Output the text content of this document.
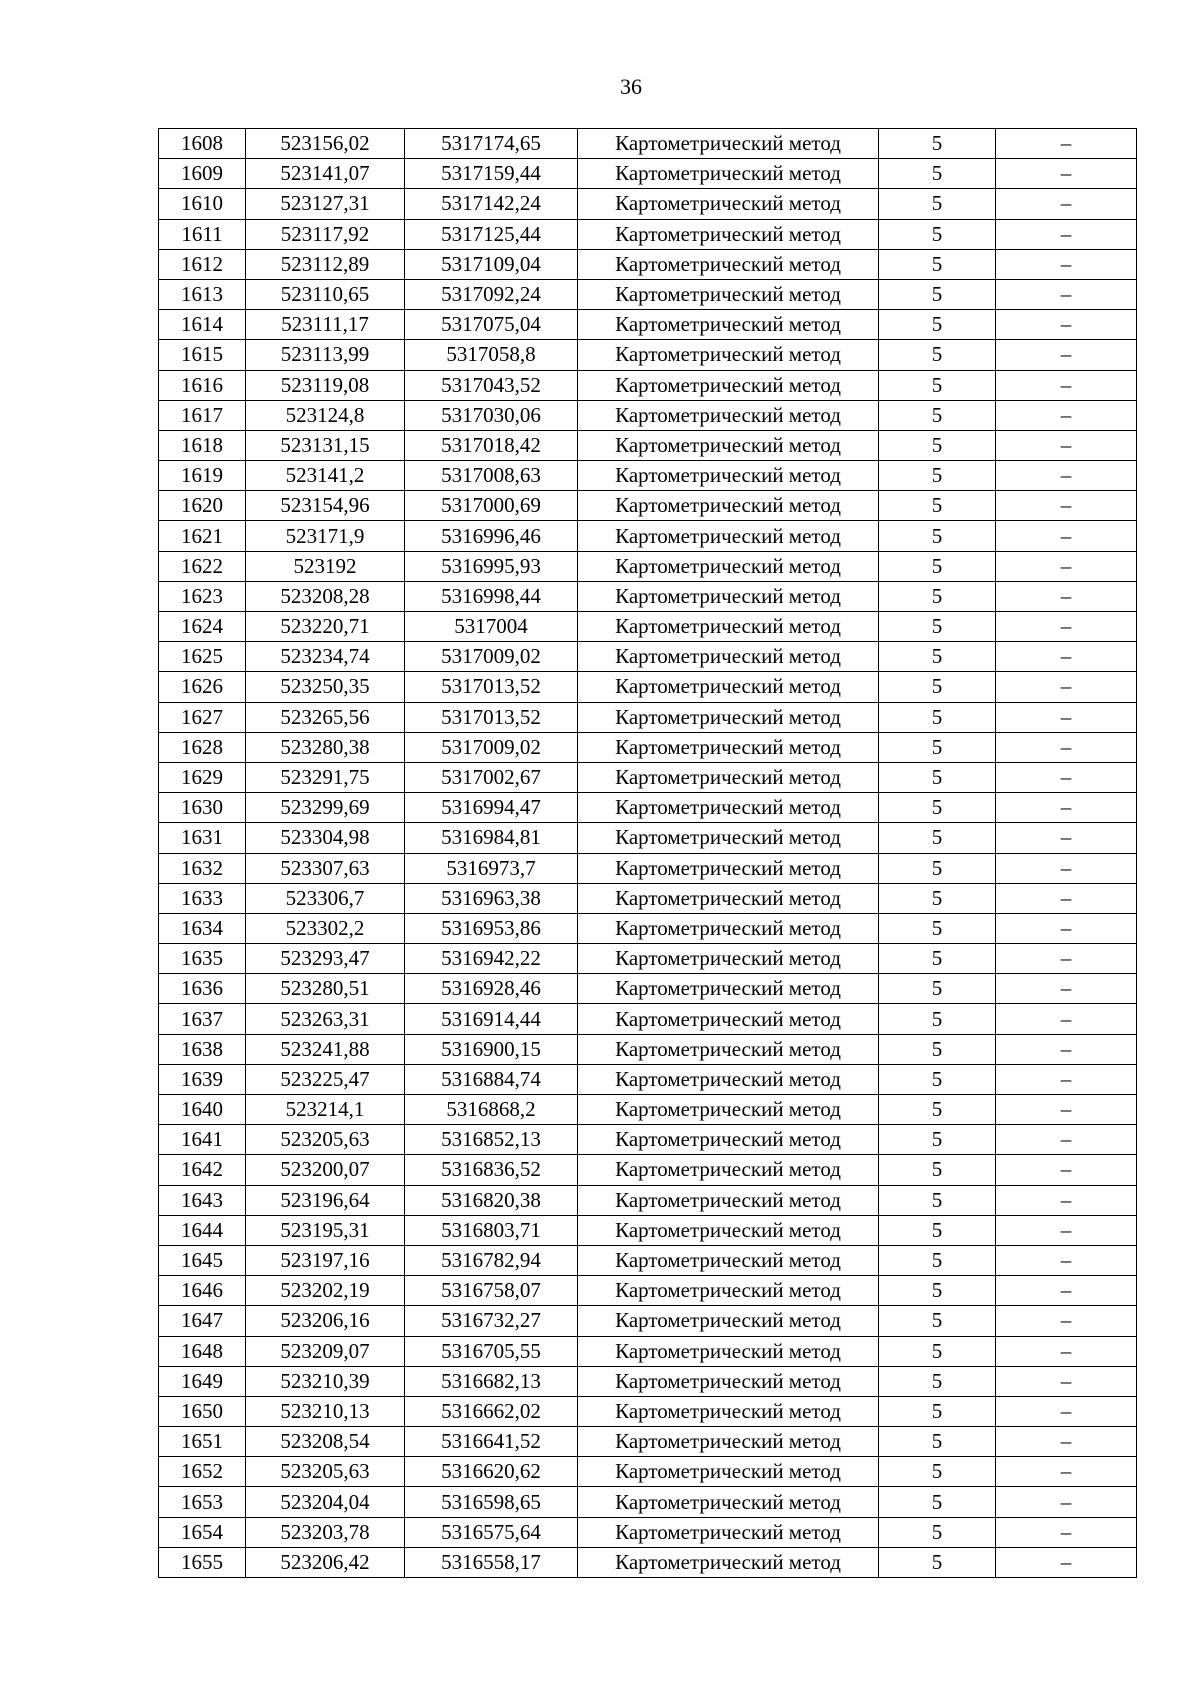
36
1608	523156,02	5317174,65	Картометрический метод	5	–
1609	523141,07	5317159,44	Картометрический метод	5	–
1610	523127,31	5317142,24	Картометрический метод	5	–
1611	523117,92	5317125,44	Картометрический метод	5	–
1612	523112,89	5317109,04	Картометрический метод	5	–
1613	523110,65	5317092,24	Картометрический метод	5	–
1614	523111,17	5317075,04	Картометрический метод	5	–
1615	523113,99	5317058,8	Картометрический метод	5	–
1616	523119,08	5317043,52	Картометрический метод	5	–
1617	523124,8	5317030,06	Картометрический метод	5	–
1618	523131,15	5317018,42	Картометрический метод	5	–
1619	523141,2	5317008,63	Картометрический метод	5	–
1620	523154,96	5317000,69	Картометрический метод	5	–
1621	523171,9	5316996,46	Картометрический метод	5	–
1622	523192	5316995,93	Картометрический метод	5	–
1623	523208,28	5316998,44	Картометрический метод	5	–
1624	523220,71	5317004	Картометрический метод	5	–
1625	523234,74	5317009,02	Картометрический метод	5	–
1626	523250,35	5317013,52	Картометрический метод	5	–
1627	523265,56	5317013,52	Картометрический метод	5	–
1628	523280,38	5317009,02	Картометрический метод	5	–
1629	523291,75	5317002,67	Картометрический метод	5	–
1630	523299,69	5316994,47	Картометрический метод	5	–
1631	523304,98	5316984,81	Картометрический метод	5	–
1632	523307,63	5316973,7	Картометрический метод	5	–
1633	523306,7	5316963,38	Картометрический метод	5	–
1634	523302,2	5316953,86	Картометрический метод	5	–
1635	523293,47	5316942,22	Картометрический метод	5	–
1636	523280,51	5316928,46	Картометрический метод	5	–
1637	523263,31	5316914,44	Картометрический метод	5	–
1638	523241,88	5316900,15	Картометрический метод	5	–
1639	523225,47	5316884,74	Картометрический метод	5	–
1640	523214,1	5316868,2	Картометрический метод	5	–
1641	523205,63	5316852,13	Картометрический метод	5	–
1642	523200,07	5316836,52	Картометрический метод	5	–
1643	523196,64	5316820,38	Картометрический метод	5	–
1644	523195,31	5316803,71	Картометрический метод	5	–
1645	523197,16	5316782,94	Картометрический метод	5	–
1646	523202,19	5316758,07	Картометрический метод	5	–
1647	523206,16	5316732,27	Картометрический метод	5	–
1648	523209,07	5316705,55	Картометрический метод	5	–
1649	523210,39	5316682,13	Картометрический метод	5	–
1650	523210,13	5316662,02	Картометрический метод	5	–
1651	523208,54	5316641,52	Картометрический метод	5	–
1652	523205,63	5316620,62	Картометрический метод	5	–
1653	523204,04	5316598,65	Картометрический метод	5	–
1654	523203,78	5316575,64	Картометрический метод	5	–
1655	523206,42	5316558,17	Картометрический метод	5	–
